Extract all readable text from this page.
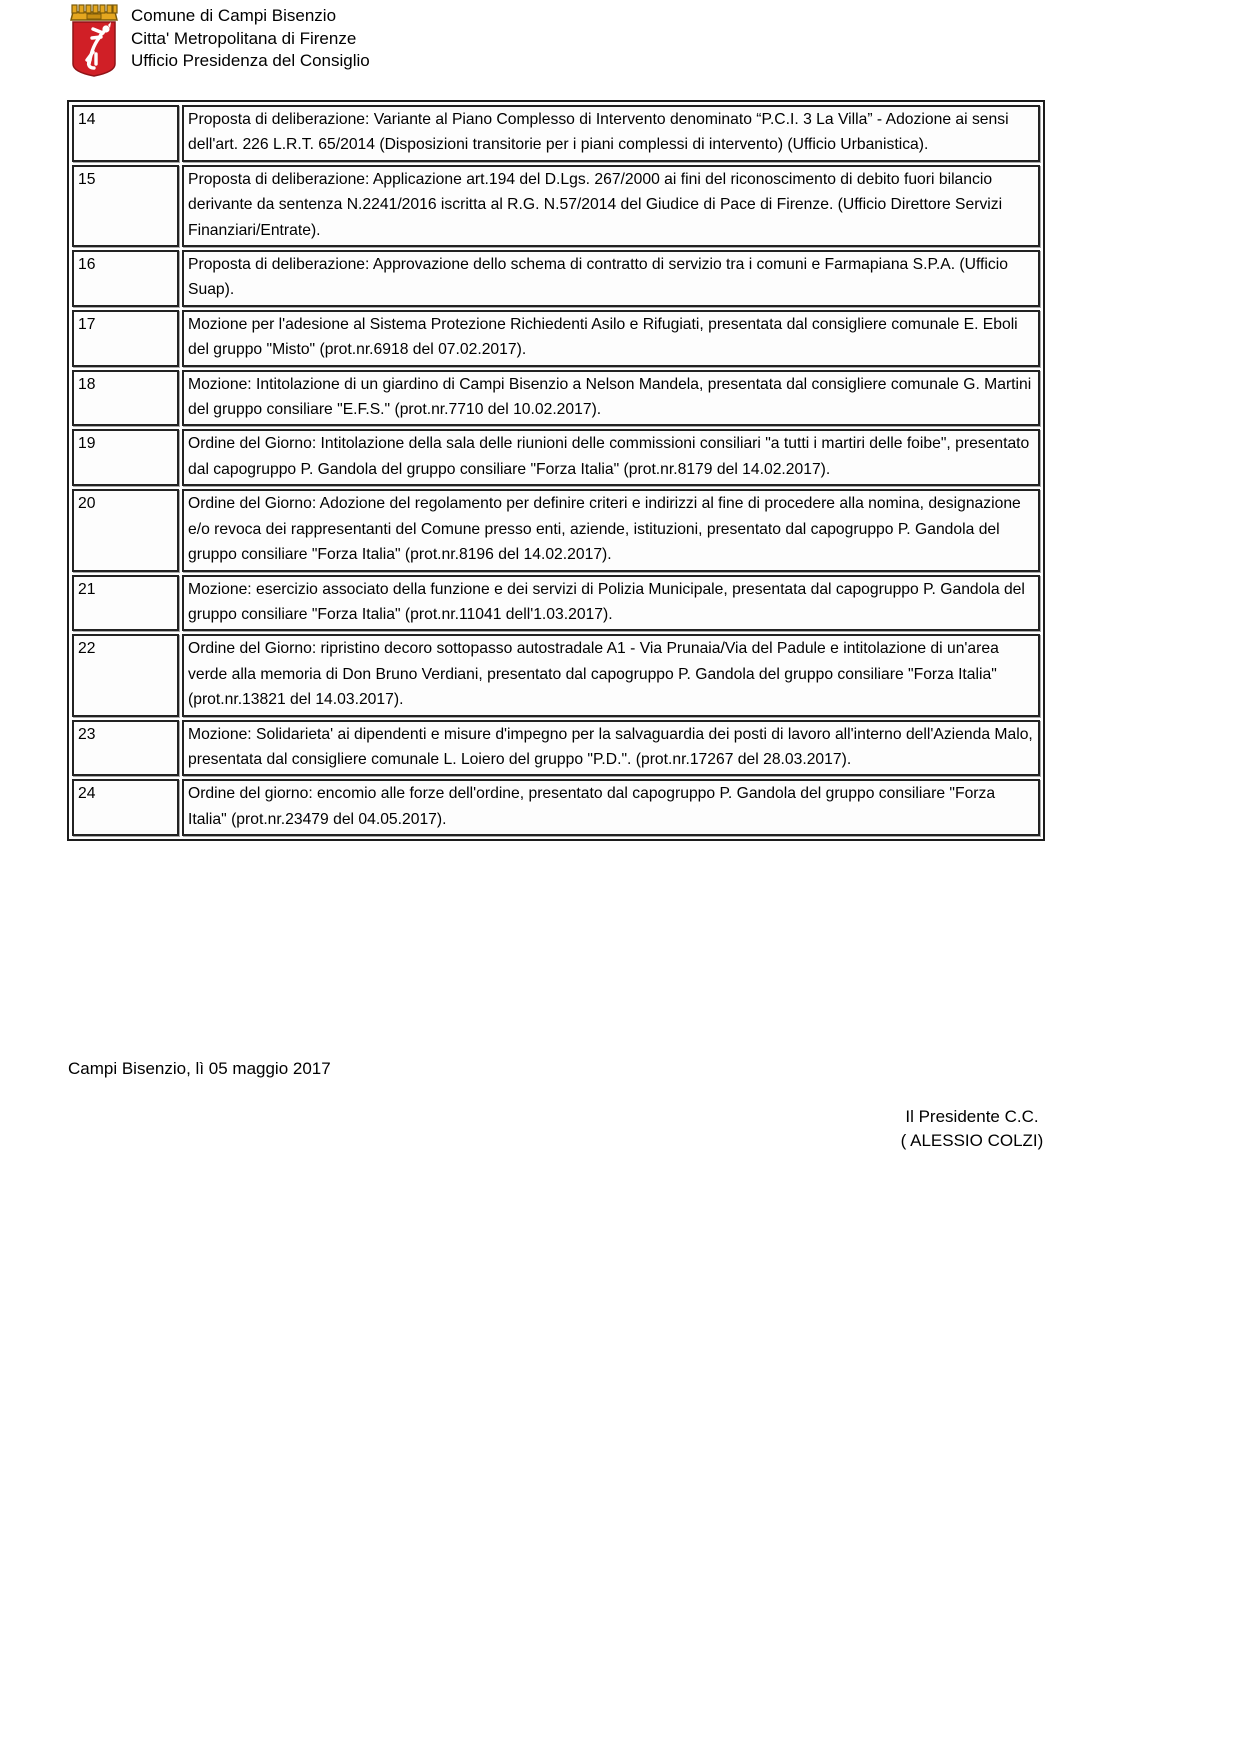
Comune di Campi Bisenzio
Citta' Metropolitana di Firenze
Ufficio Presidenza del Consiglio
14	Proposta di deliberazione: Variante al Piano Complesso di Intervento denominato “P.C.I. 3 La Villa” - Adozione ai sensi dell'art. 226 L.R.T. 65/2014 (Disposizioni transitorie per i piani complessi di intervento) (Ufficio Urbanistica).
15	Proposta di deliberazione: Applicazione art.194 del D.Lgs. 267/2000 ai fini del riconoscimento di debito fuori bilancio derivante da sentenza N.2241/2016 iscritta al R.G. N.57/2014 del Giudice di Pace di Firenze. (Ufficio Direttore Servizi Finanziari/Entrate).
16	Proposta di deliberazione: Approvazione dello schema di contratto di servizio tra i comuni e Farmapiana S.P.A. (Ufficio Suap).
17	Mozione per l'adesione al Sistema Protezione Richiedenti Asilo e Rifugiati, presentata dal consigliere comunale E. Eboli del gruppo "Misto" (prot.nr.6918 del 07.02.2017).
18	Mozione: Intitolazione di un giardino di Campi Bisenzio a Nelson Mandela, presentata dal consigliere comunale G. Martini del gruppo consiliare "E.F.S." (prot.nr.7710 del 10.02.2017).
19	Ordine del Giorno: Intitolazione della sala delle riunioni delle commissioni consiliari "a tutti i martiri delle foibe", presentato dal capogruppo P. Gandola del gruppo consiliare "Forza Italia" (prot.nr.8179 del 14.02.2017).
20	Ordine del Giorno: Adozione del regolamento per definire criteri e indirizzi al fine di procedere alla nomina, designazione e/o revoca dei rappresentanti del Comune presso enti, aziende, istituzioni, presentato dal capogruppo P. Gandola del gruppo consiliare "Forza Italia" (prot.nr.8196 del 14.02.2017).
21	Mozione: esercizio associato della funzione e dei servizi di Polizia Municipale, presentata dal capogruppo P. Gandola del gruppo consiliare "Forza Italia" (prot.nr.11041 dell'1.03.2017).
22	Ordine del Giorno: ripristino decoro sottopasso autostradale A1 - Via Prunaia/Via del Padule e intitolazione di un'area verde alla memoria di Don Bruno Verdiani, presentato dal capogruppo P. Gandola del gruppo consiliare "Forza Italia" (prot.nr.13821 del 14.03.2017).
23	Mozione: Solidarieta' ai dipendenti e misure d'impegno per la salvaguardia dei posti di lavoro all'interno dell'Azienda Malo, presentata dal consigliere comunale L. Loiero del gruppo "P.D.". (prot.nr.17267 del 28.03.2017).
24	Ordine del giorno: encomio alle forze dell'ordine, presentato dal capogruppo P. Gandola del gruppo consiliare "Forza Italia" (prot.nr.23479 del 04.05.2017).
Campi Bisenzio, lì 05 maggio 2017
Il Presidente C.C.
( ALESSIO COLZI)
